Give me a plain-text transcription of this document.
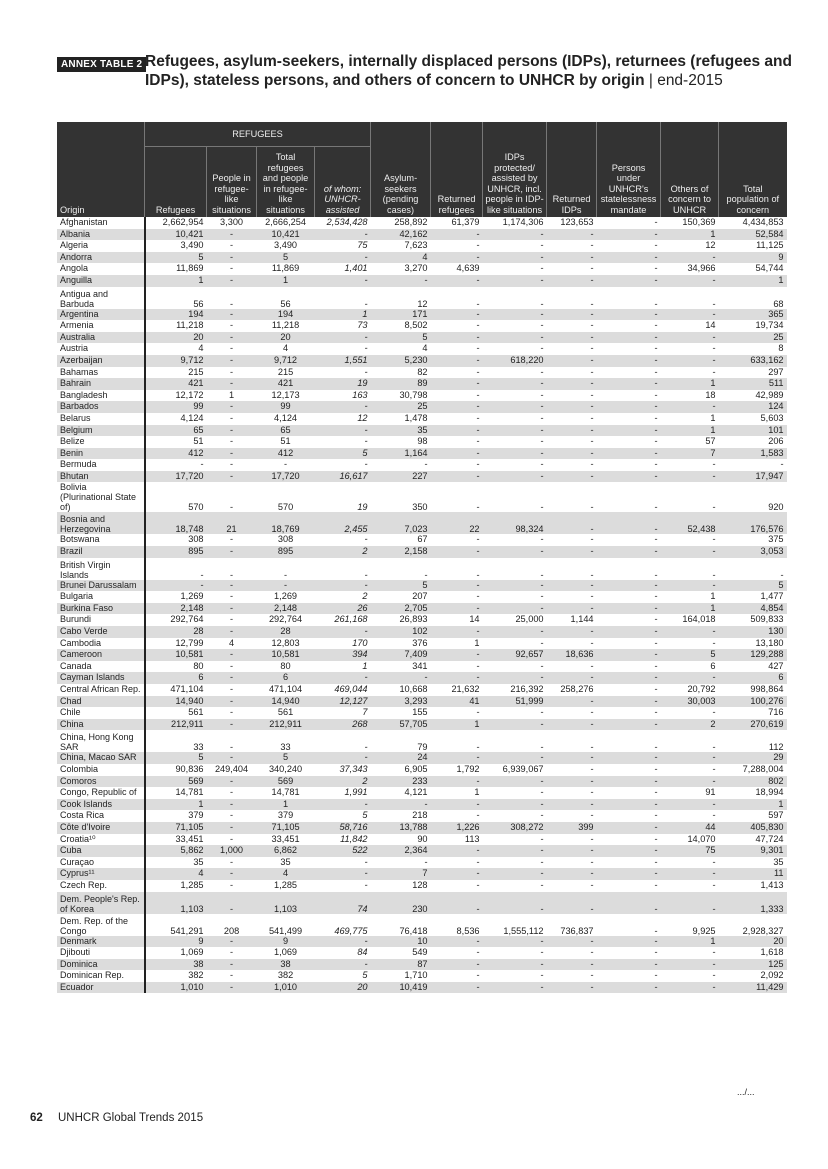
ANNEX TABLE 2 Refugees, asylum-seekers, internally displaced persons (IDPs), returnees (refugees and IDPs), stateless persons, and others of concern to UNHCR by origin | end-2015
Origin	REFUGEES				Asylum-seekers (pending cases)	Returned refugees	IDPs protected/ assisted by UNHCR, incl. people in IDP-like situations	Returned IDPs	Persons under UNHCR's statelessness mandate	Others of concern to UNHCR	Total population of concern
	Refugees	People in refugee-like situations	Total refugees and people in refugee-like situations	of whom: UNHCR-assisted							
Afghanistan	2,662,954	3,300	2,666,254	2,534,428	258,892	61,379	1,174,306	123,653	-	150,369	4,434,853
Albania	10,421	-	10,421	-	42,162	-	-	-	-	1	52,584
Algeria	3,490	-	3,490	75	7,623	-	-	-	-	12	11,125
Andorra	5	-	5	-	4	-	-	-	-	-	9
Angola	11,869	-	11,869	1,401	3,270	4,639	-	-	-	34,966	54,744
Anguilla	1	-	1	-	-	-	-	-	-	-	1
Antigua and Barbuda	56	-	56	-	12	-	-	-	-	-	68
Argentina	194	-	194	1	171	-	-	-	-	-	365
Armenia	11,218	-	11,218	73	8,502	-	-	-	-	14	19,734
Australia	20	-	20	-	5	-	-	-	-	-	25
Austria	4	-	4	-	4	-	-	-	-	-	8
Azerbaijan	9,712	-	9,712	1,551	5,230	-	618,220	-	-	-	633,162
Bahamas	215	-	215	-	82	-	-	-	-	-	297
Bahrain	421	-	421	19	89	-	-	-	-	1	511
Bangladesh	12,172	1	12,173	163	30,798	-	-	-	-	18	42,989
Barbados	99	-	99	-	25	-	-	-	-	-	124
Belarus	4,124	-	4,124	12	1,478	-	-	-	-	1	5,603
Belgium	65	-	65	-	35	-	-	-	-	1	101
Belize	51	-	51	-	98	-	-	-	-	57	206
Benin	412	-	412	5	1,164	-	-	-	-	7	1,583
Bermuda	-	-	-	-	-	-	-	-	-	-	-
Bhutan	17,720	-	17,720	16,617	227	-	-	-	-	-	17,947
Bolivia (Plurinational State of)	570	-	570	19	350	-	-	-	-	-	920
Bosnia and Herzegovina	18,748	21	18,769	2,455	7,023	22	98,324	-	-	52,438	176,576
Botswana	308	-	308	-	67	-	-	-	-	-	375
Brazil	895	-	895	2	2,158	-	-	-	-	-	3,053
British Virgin Islands	-	-	-	-	-	-	-	-	-	-	-
Brunei Darussalam	-	-	-	-	5	-	-	-	-	-	5
Bulgaria	1,269	-	1,269	2	207	-	-	-	-	1	1,477
Burkina Faso	2,148	-	2,148	26	2,705	-	-	-	-	1	4,854
Burundi	292,764	-	292,764	261,168	26,893	14	25,000	1,144	-	164,018	509,833
Cabo Verde	28	-	28	-	102	-	-	-	-	-	130
Cambodia	12,799	4	12,803	170	376	1	-	-	-	-	13,180
Cameroon	10,581	-	10,581	394	7,409	-	92,657	18,636	-	5	129,288
Canada	80	-	80	1	341	-	-	-	-	6	427
Cayman Islands	6	-	6	-	-	-	-	-	-	-	6
Central African Rep.	471,104	-	471,104	469,044	10,668	21,632	216,392	258,276	-	20,792	998,864
Chad	14,940	-	14,940	12,127	3,293	41	51,999	-	-	30,003	100,276
Chile	561	-	561	7	155	-	-	-	-	-	716
China	212,911	-	212,911	268	57,705	1	-	-	-	2	270,619
China, Hong Kong SAR	33	-	33	-	79	-	-	-	-	-	112
China, Macao SAR	5	-	5	-	24	-	-	-	-	-	29
Colombia	90,836	249,404	340,240	37,343	6,905	1,792	6,939,067	-	-	-	7,288,004
Comoros	569	-	569	2	233	-	-	-	-	-	802
Congo, Republic of	14,781	-	14,781	1,991	4,121	1	-	-	-	91	18,994
Cook Islands	1	-	1	-	-	-	-	-	-	-	1
Costa Rica	379	-	379	5	218	-	-	-	-	-	597
Côte d'Ivoire	71,105	-	71,105	58,716	13,788	1,226	308,272	399	-	44	405,830
Croatia¹⁰	33,451	-	33,451	11,842	90	113	-	-	-	14,070	47,724
Cuba	5,862	1,000	6,862	522	2,364	-	-	-	-	75	9,301
Curaçao	35	-	35	-	-	-	-	-	-	-	35
Cyprus¹¹	4	-	4	-	7	-	-	-	-	-	11
Czech Rep.	1,285	-	1,285	-	128	-	-	-	-	-	1,413
Dem. People's Rep. of Korea	1,103	-	1,103	74	230	-	-	-	-	-	1,333
Dem. Rep. of the Congo	541,291	208	541,499	469,775	76,418	8,536	1,555,112	736,837	-	9,925	2,928,327
Denmark	9	-	9	-	10	-	-	-	-	1	20
Djibouti	1,069	-	1,069	84	549	-	-	-	-	-	1,618
Dominica	38	-	38	-	87	-	-	-	-	-	125
Dominican Rep.	382	-	382	5	1,710	-	-	-	-	-	2,092
Ecuador	1,010	-	1,010	20	10,419	-	-	-	-	-	11,429
.../...
62 UNHCR Global Trends 2015
